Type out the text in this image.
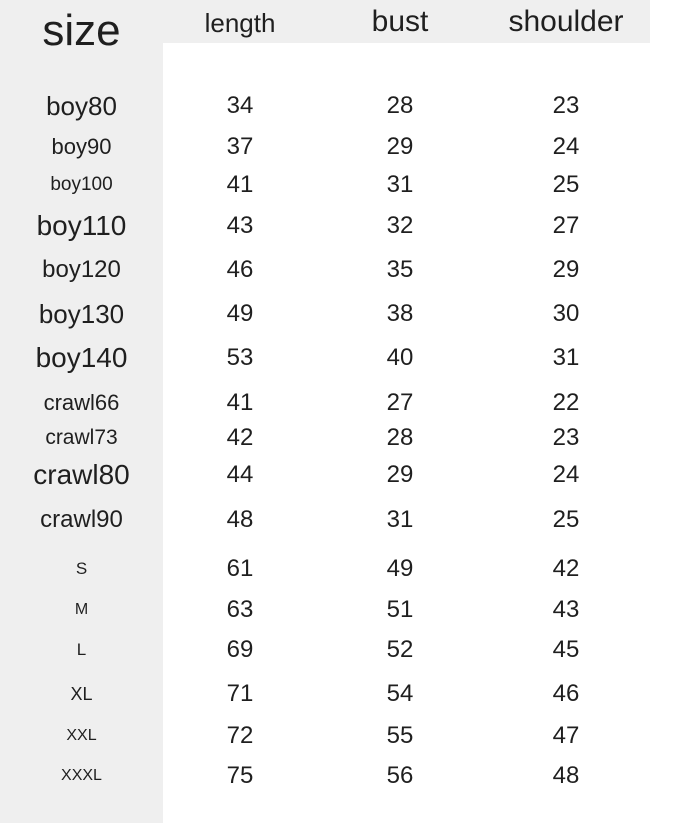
size	length	bust	shoulder
boy80	34	28	23
boy90	37	29	24
boy100	41	31	25
boy110	43	32	27
boy120	46	35	29
boy130	49	38	30
boy140	53	40	31
crawl66	41	27	22
crawl73	42	28	23
crawl80	44	29	24
crawl90	48	31	25
S	61	49	42
M	63	51	43
L	69	52	45
XL	71	54	46
XXL	72	55	47
XXXL	75	56	48
